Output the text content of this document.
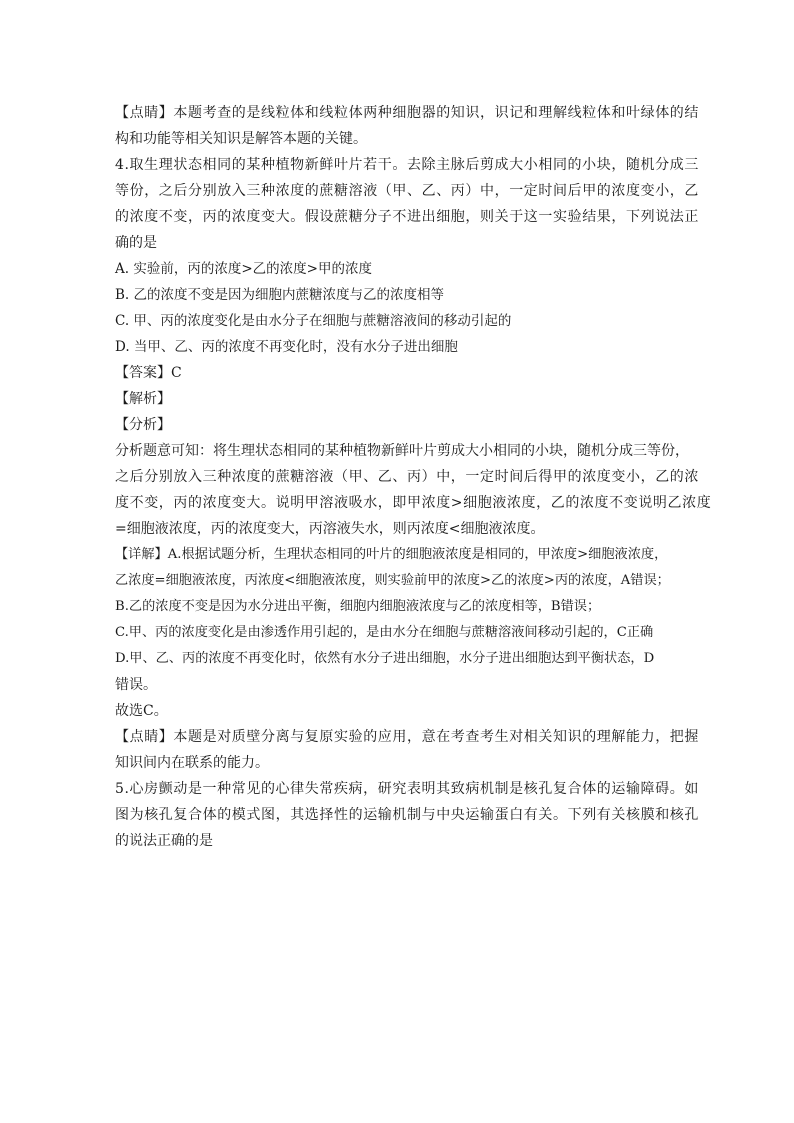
【点睛】本题考查的是线粒体和线粒体两种细胞器的知识，识记和理解线粒体和叶绿体的结
构和功能等相关知识是解答本题的关键。
4.取生理状态相同的某种植物新鲜叶片若干。去除主脉后剪成大小相同的小块，随机分成三
等份，之后分别放入三种浓度的蔗糖溶液（甲、乙、丙）中，一定时间后甲的浓度变小，乙
的浓度不变，丙的浓度变大。假设蔗糖分子不进出细胞，则关于这一实验结果，下列说法正
确的是
A. 实验前，丙的浓度>乙的浓度>甲的浓度
B. 乙的浓度不变是因为细胞内蔗糖浓度与乙的浓度相等
C. 甲、丙的浓度变化是由水分子在细胞与蔗糖溶液间的移动引起的
D. 当甲、乙、丙的浓度不再变化时，没有水分子进出细胞
【答案】C
【解析】
【分析】
分析题意可知：将生理状态相同的某种植物新鲜叶片剪成大小相同的小块，随机分成三等份，
之后分别放入三种浓度的蔗糖溶液（甲、乙、丙）中，一定时间后得甲的浓度变小，乙的浓
度不变，丙的浓度变大。说明甲溶液吸水，即甲浓度>细胞液浓度，乙的浓度不变说明乙浓度
=细胞液浓度，丙的浓度变大，丙溶液失水，则丙浓度<细胞液浓度。
【详解】A.根据试题分析，生理状态相同的叶片的细胞液浓度是相同的，甲浓度>细胞液浓度，
乙浓度=细胞液浓度，丙浓度<细胞液浓度，则实验前甲的浓度>乙的浓度>丙的浓度，A错误；
B.乙的浓度不变是因为水分进出平衡，细胞内细胞液浓度与乙的浓度相等，B错误；
C.甲、丙的浓度变化是由渗透作用引起的，是由水分在细胞与蔗糖溶液间移动引起的，C正确
D.甲、乙、丙的浓度不再变化时，依然有水分子进出细胞，水分子进出细胞达到平衡状态，D
错误。
故选C。
【点睛】本题是对质壁分离与复原实验的应用，意在考查考生对相关知识的理解能力，把握
知识间内在联系的能力。
5.心房颤动是一种常见的心律失常疾病，研究表明其致病机制是核孔复合体的运输障碍。如
图为核孔复合体的模式图，其选择性的运输机制与中央运输蛋白有关。下列有关核膜和核孔
的说法正确的是
